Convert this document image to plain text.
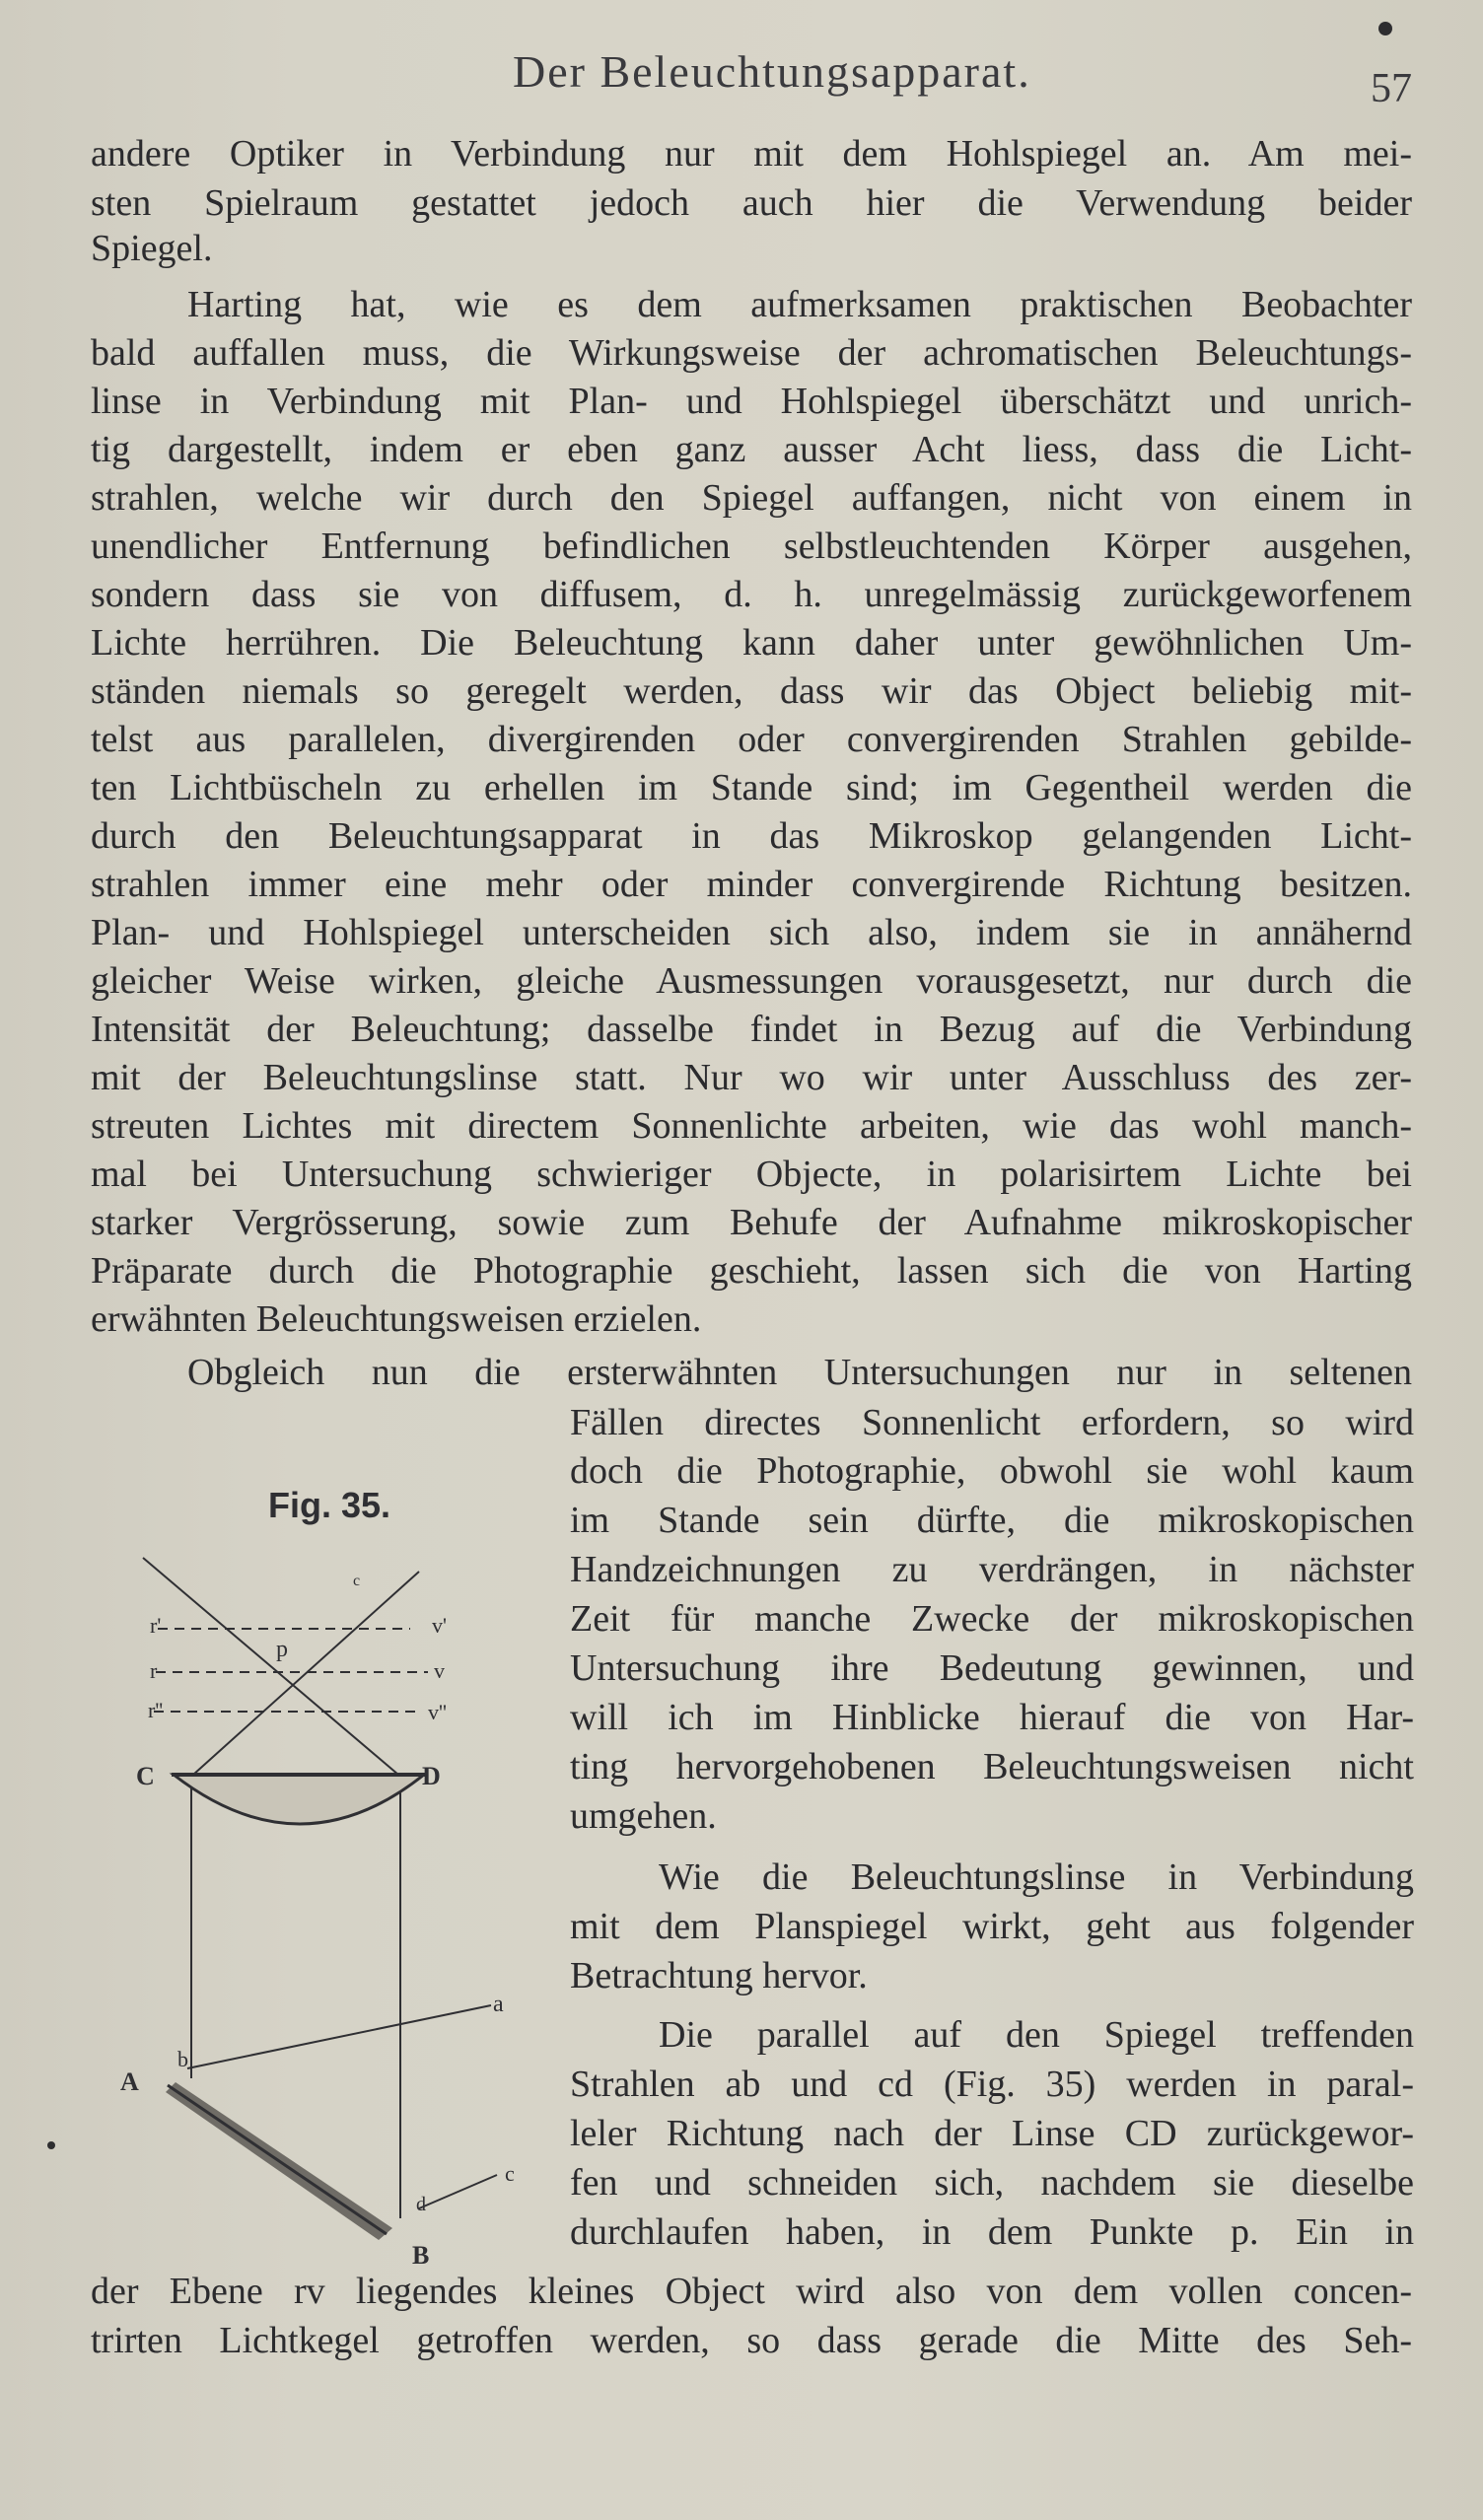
Der Beleuchtungsapparat.	57
andere Optiker in Verbindung nur mit dem Hohlspiegel an. Am mei-
sten Spielraum gestattet jedoch auch hier die Verwendung beider
Spiegel.
Harting hat, wie es dem aufmerksamen praktischen Beobachter
bald auffallen muss, die Wirkungsweise der achromatischen Beleuchtungs-
linse in Verbindung mit Plan- und Hohlspiegel überschätzt und unrich-
tig dargestellt, indem er eben ganz ausser Acht liess, dass die Licht-
strahlen, welche wir durch den Spiegel auffangen, nicht von einem in
unendlicher Entfernung befindlichen selbstleuchtenden Körper ausgehen,
sondern dass sie von diffusem, d. h. unregelmässig zurückgeworfenem
Lichte herrühren. Die Beleuchtung kann daher unter gewöhnlichen Um-
ständen niemals so geregelt werden, dass wir das Object beliebig mit-
telst aus parallelen, divergirenden oder convergirenden Strahlen gebilde-
ten Lichtbüscheln zu erhellen im Stande sind; im Gegentheil werden die
durch den Beleuchtungsapparat in das Mikroskop gelangenden Licht-
strahlen immer eine mehr oder minder convergirende Richtung besitzen.
Plan- und Hohlspiegel unterscheiden sich also, indem sie in annähernd
gleicher Weise wirken, gleiche Ausmessungen vorausgesetzt, nur durch die
Intensität der Beleuchtung; dasselbe findet in Bezug auf die Verbindung
mit der Beleuchtungslinse statt. Nur wo wir unter Ausschluss des zer-
streuten Lichtes mit directem Sonnenlichte arbeiten, wie das wohl manch-
mal bei Untersuchung schwieriger Objecte, in polarisirtem Lichte bei
starker Vergrösserung, sowie zum Behufe der Aufnahme mikroskopischer
Präparate durch die Photographie geschieht, lassen sich die von Harting
erwähnten Beleuchtungsweisen erzielen.
Obgleich nun die ersterwähnten Untersuchungen nur in seltenen
Fällen directes Sonnenlicht erfordern, so wird
doch die Photographie, obwohl sie wohl kaum
im Stande sein dürfte, die mikroskopischen
Handzeichnungen zu verdrängen, in nächster
Zeit für manche Zwecke der mikroskopischen
Untersuchung ihre Bedeutung gewinnen, und
will ich im Hinblicke hierauf die von Har-
ting hervorgehobenen Beleuchtungsweisen nicht
umgehen.
Wie die Beleuchtungslinse in Verbindung
mit dem Planspiegel wirkt, geht aus folgender
Betrachtung hervor.
Die parallel auf den Spiegel treffenden
Strahlen ab und cd (Fig. 35) werden in paral-
leler Richtung nach der Linse CD zurückgewor-
fen und schneiden sich, nachdem sie dieselbe
durchlaufen haben, in dem Punkte p. Ein in
der Ebene rv liegendes kleines Object wird also von dem vollen concen-
trirten Lichtkegel getroffen werden, so dass gerade die Mitte des Seh-
Fig. 35.
r'
r
r''
v'
v
v''
p
c
C	D
a
b
A
c
d
B
